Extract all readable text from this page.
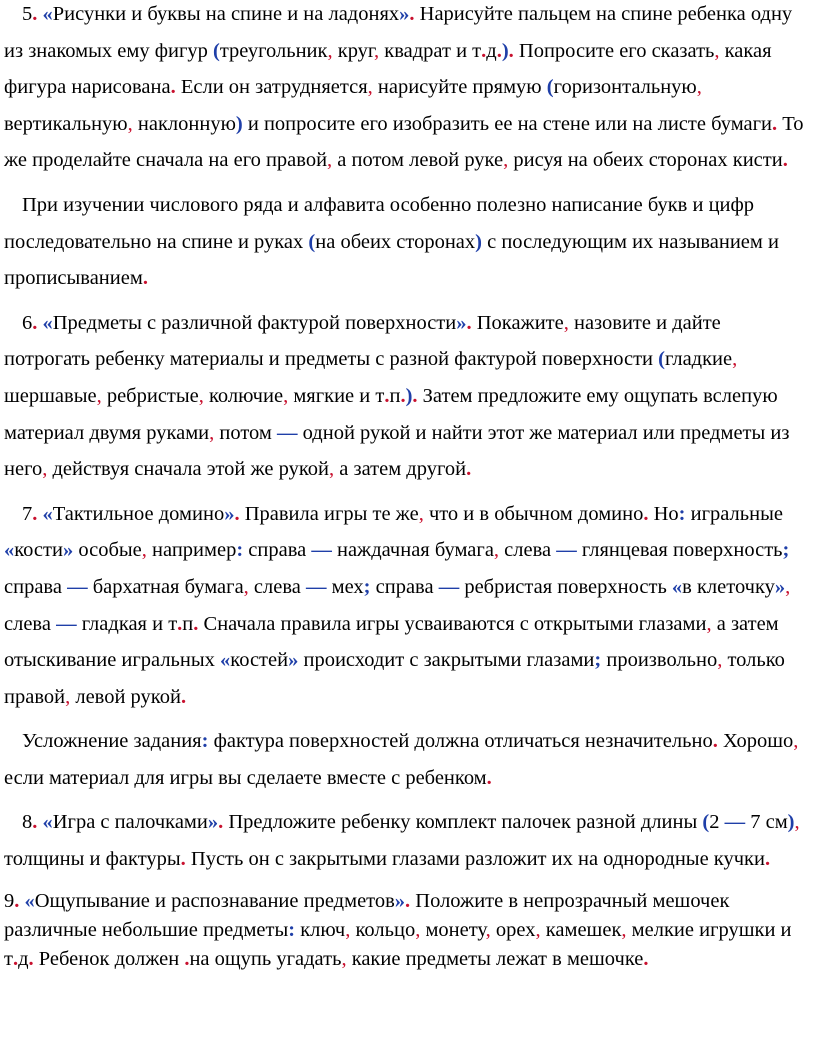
5. «Рисунки и буквы на спине и на ладонях». Нарисуйте пальцем на спине ребенка одну из знакомых ему фигур (треугольник, круг, квадрат и т.д.). Попросите его сказать, какая фигура нарисована. Если он затрудняется, нарисуйте прямую (горизонтальную, вертикальную, наклонную) и попросите его изобразить ее на стене или на листе бумаги. То же проделайте сначала на его правой, а потом левой руке, рисуя на обеих сторонах кисти.

При изучении числового ряда и алфавита особенно полезно написание букв и цифр последовательно на спине и руках (на обеих сторонах) с последующим их называнием и прописыванием.

6. «Предметы с различной фактурой поверхности». Покажите, назовите и дайте потрогать ребенку материалы и предметы с разной фактурой поверхности (гладкие, шершавые, ребристые, колючие, мягкие и т.п.). Затем предложите ему ощупать вслепую материал двумя руками, потом — одной рукой и найти этот же материал или предметы из него, действуя сначала этой же рукой, а затем другой.

7. «Тактильное домино». Правила игры те же, что и в обычном домино. Но: игральные «кости» особые, например: справа — наждачная бумага, слева — глянцевая поверхность; справа — бархатная бумага, слева — мех; справа — ребристая поверхность «в клеточку», слева — гладкая и т.п. Сначала правила игры усваиваются с открытыми глазами, а затем отыскивание игральных «костей» происходит с закрытыми глазами; произвольно, только правой, левой рукой.

Усложнение задания: фактура поверхностей должна отличаться незначительно. Хорошо, если материал для игры вы сделаете вместе с ребенком.

8. «Игра с палочками». Предложите ребенку комплект палочек разной длины (2 — 7 см), толщины и фактуры. Пусть он с закрытыми глазами разложит их на однородные кучки.

9. «Ощупывание и распознавание предметов». Положите в непрозрачный мешочек различные небольшие предметы: ключ, кольцо, монету, орех, камешек, мелкие игрушки и т.д. Ребенок должен .на ощупь угадать, какие предметы лежат в мешочке.
